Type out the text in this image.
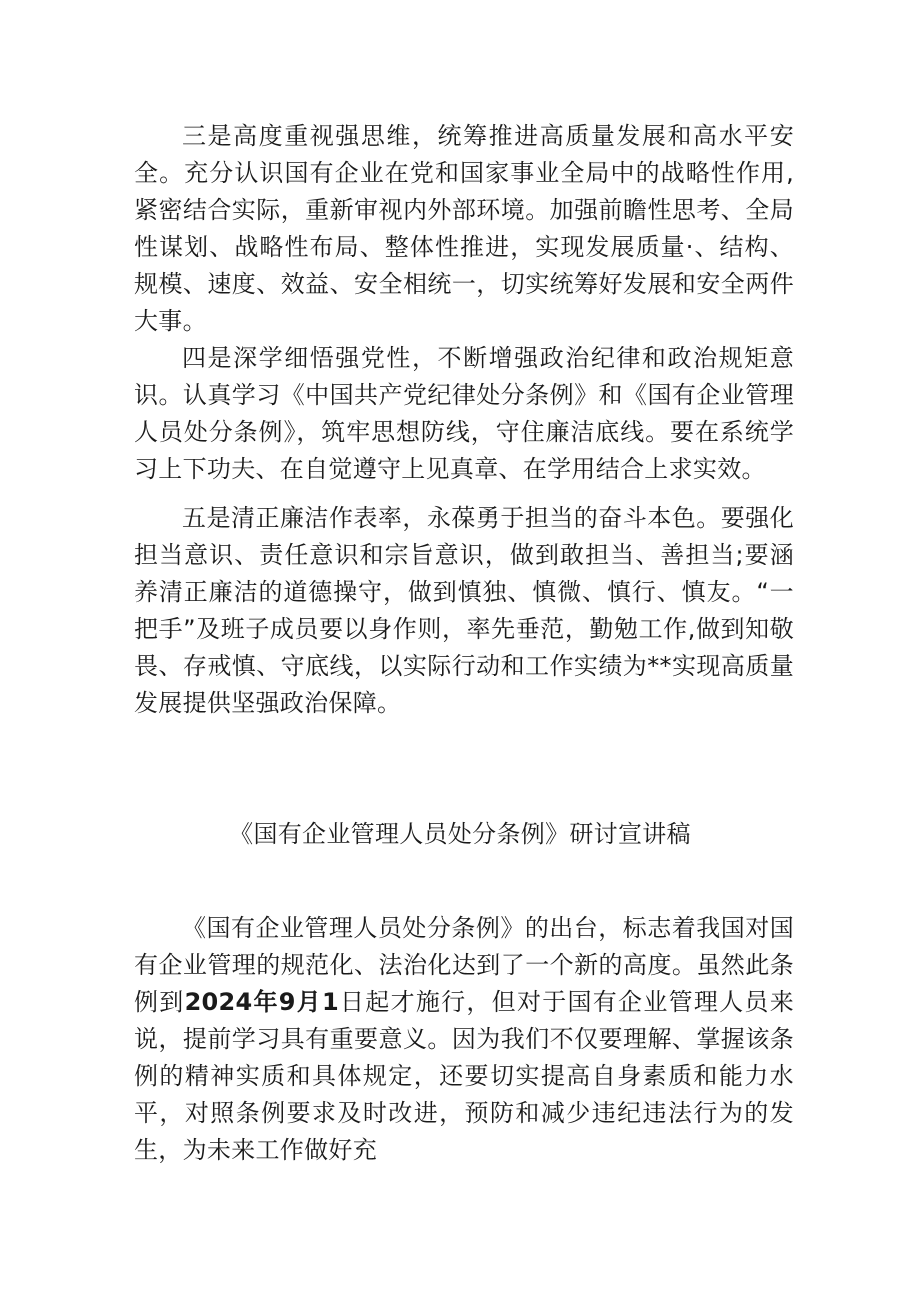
三是高度重视强思维，统筹推进高质量发展和高水平安全。充分认识国有企业在党和国家事业全局中的战略性作用,紧密结合实际，重新审视内外部环境。加强前瞻性思考、全局性谋划、战略性布局、整体性推进，实现发展质量·、结构、规模、速度、效益、安全相统一，切实统筹好发展和安全两件大事。

四是深学细悟强党性，不断增强政治纪律和政治规矩意识。认真学习《中国共产党纪律处分条例》和《国有企业管理人员处分条例》，筑牢思想防线，守住廉洁底线。要在系统学习上下功夫、在自觉遵守上见真章、在学用结合上求实效。

五是清正廉洁作表率，永葆勇于担当的奋斗本色。要强化担当意识、责任意识和宗旨意识，做到敢担当、善担当;要涵养清正廉洁的道德操守，做到慎独、慎微、慎行、慎友。“一把手”及班子成员要以身作则，率先垂范，勤勉工作,做到知敬畏、存戒慎、守底线，以实际行动和工作实绩为**实现高质量发展提供坚强政治保障。

《国有企业管理人员处分条例》研讨宣讲稿

《国有企业管理人员处分条例》的出台，标志着我国对国有企业管理的规范化、法治化达到了一个新的高度。虽然此条例到2024年9月1日起才施行，但对于国有企业管理人员来说，提前学习具有重要意义。因为我们不仅要理解、掌握该条例的精神实质和具体规定，还要切实提高自身素质和能力水平，对照条例要求及时改进，预防和减少违纪违法行为的发生，为未来工作做好充
